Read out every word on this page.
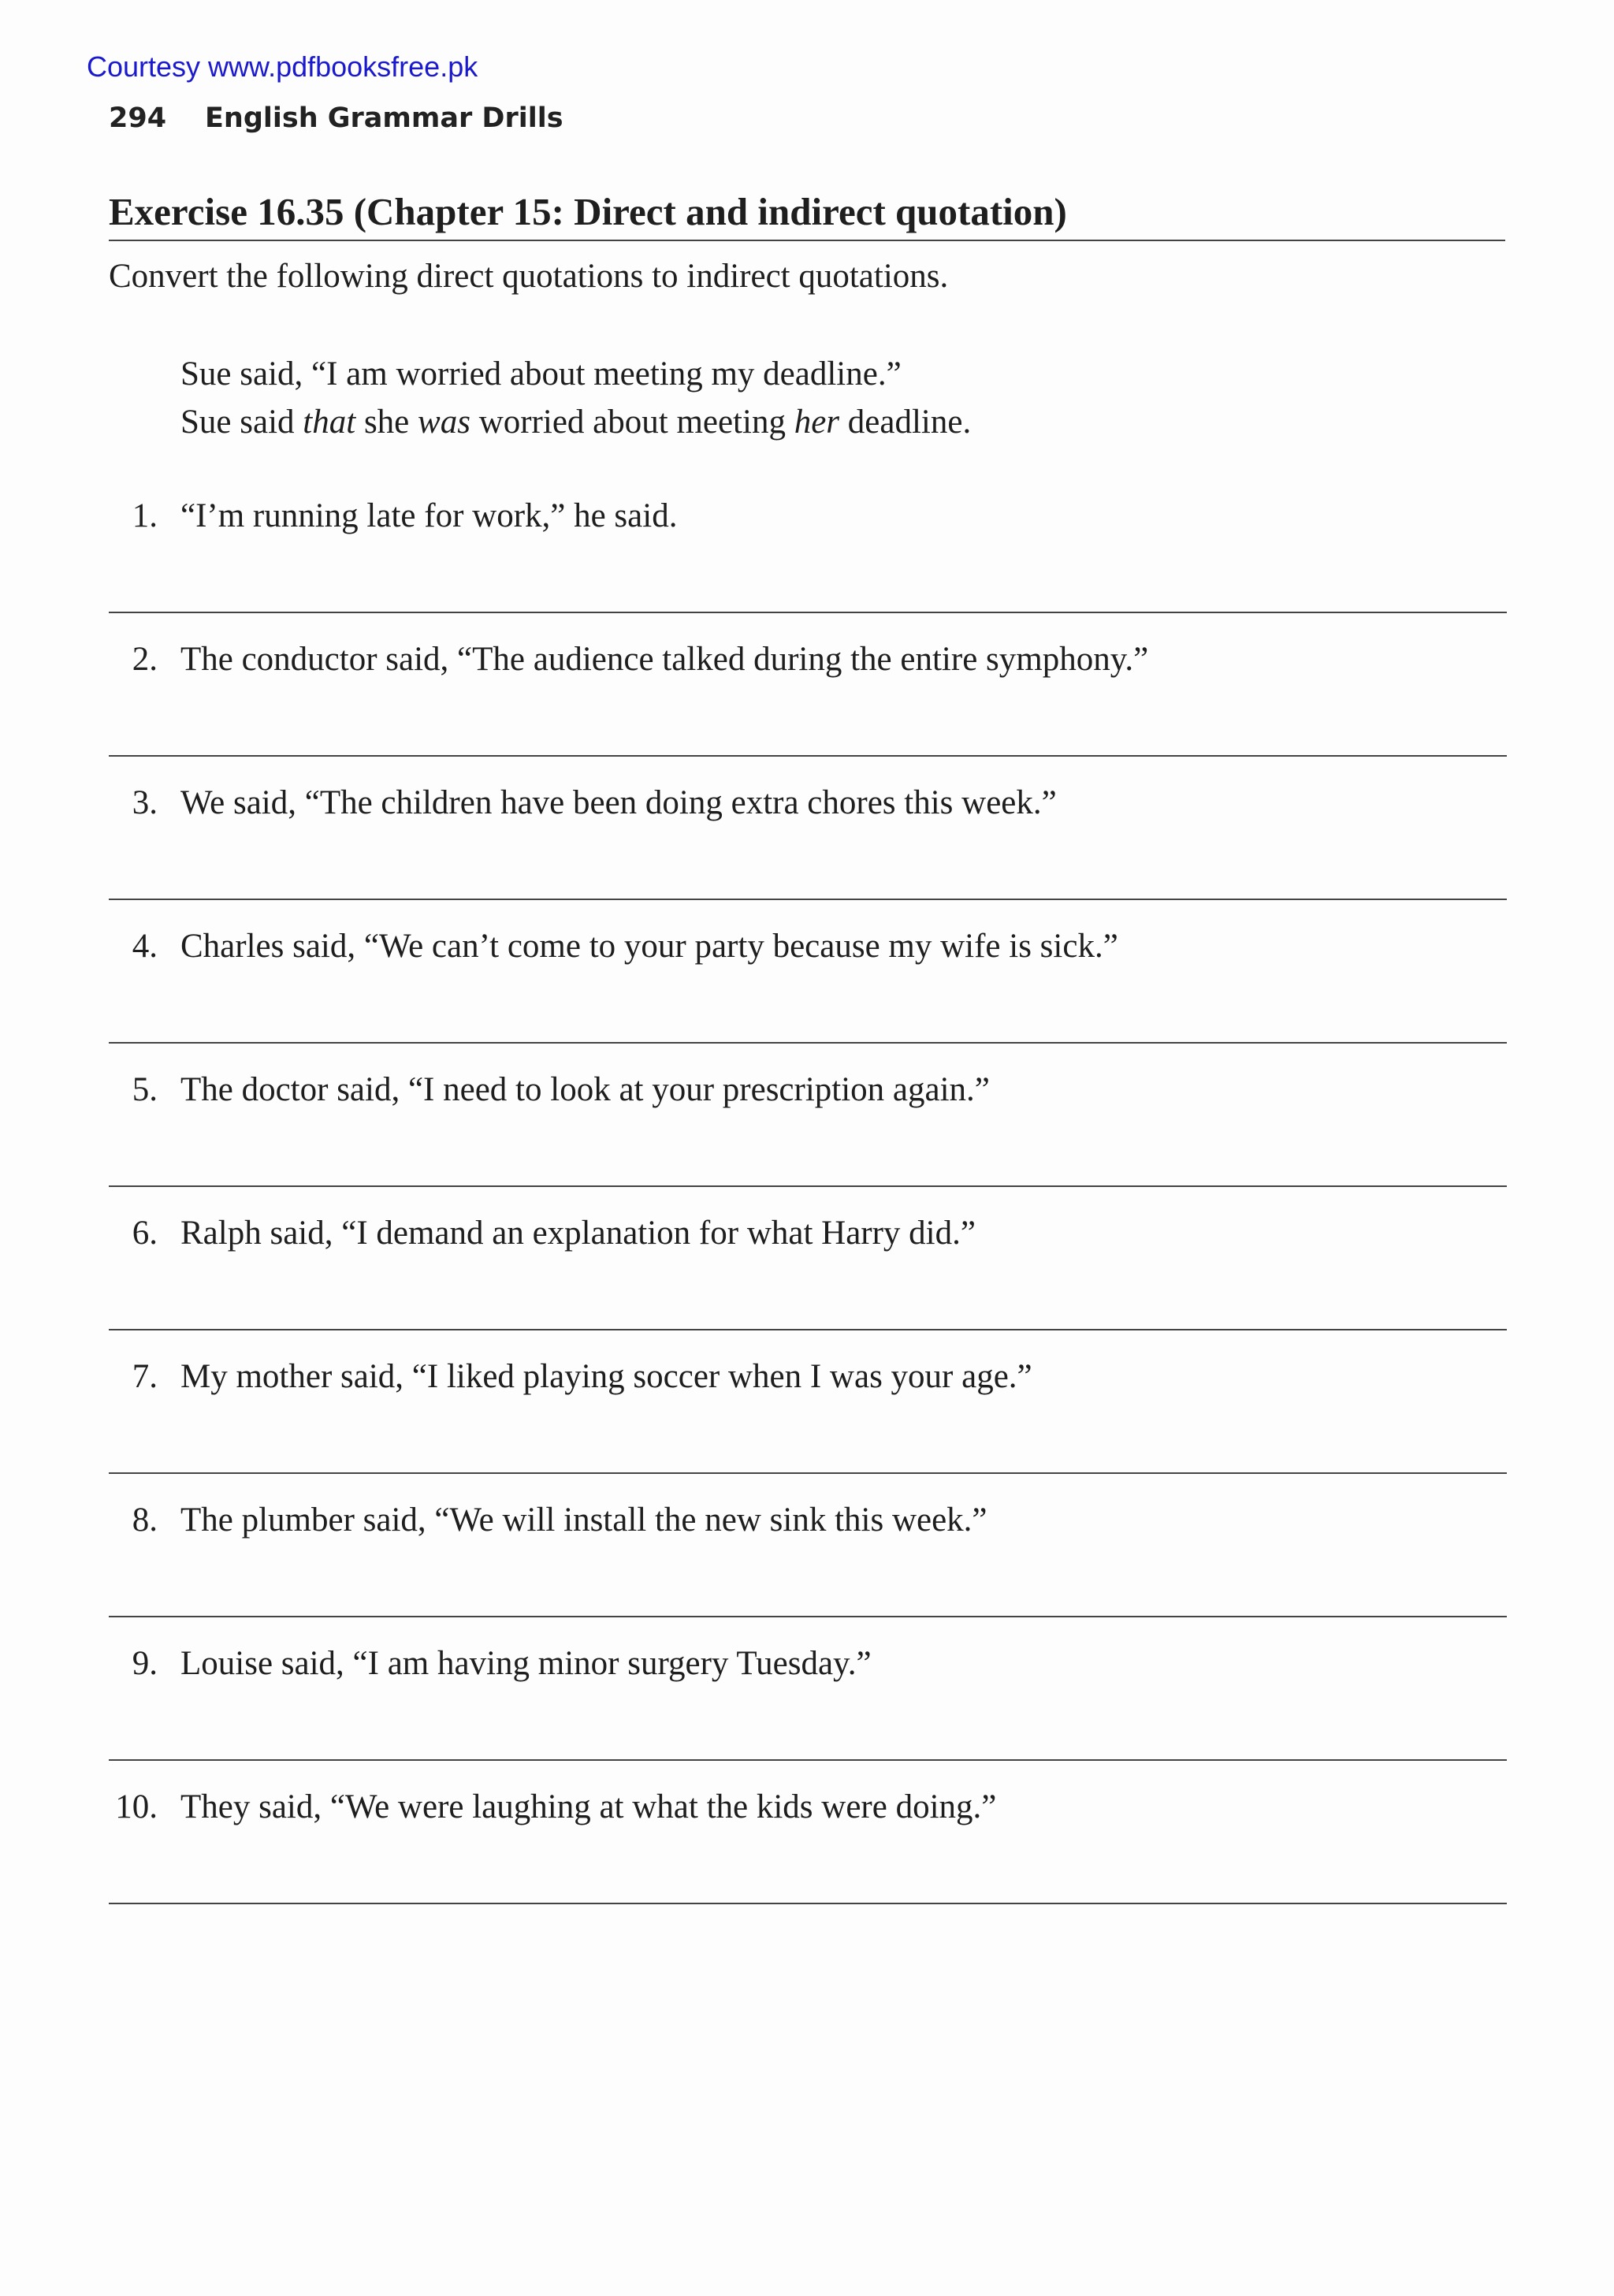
Courtesy www.pdfbooksfree.pk
294 English Grammar Drills
Exercise 16.35 (Chapter 15: Direct and indirect quotation)
Convert the following direct quotations to indirect quotations.
Sue said, “I am worried about meeting my deadline.”
Sue said that she was worried about meeting her deadline.
1. “I’m running late for work,” he said.
2. The conductor said, “The audience talked during the entire symphony.”
3. We said, “The children have been doing extra chores this week.”
4. Charles said, “We can’t come to your party because my wife is sick.”
5. The doctor said, “I need to look at your prescription again.”
6. Ralph said, “I demand an explanation for what Harry did.”
7. My mother said, “I liked playing soccer when I was your age.”
8. The plumber said, “We will install the new sink this week.”
9. Louise said, “I am having minor surgery Tuesday.”
10. They said, “We were laughing at what the kids were doing.”
